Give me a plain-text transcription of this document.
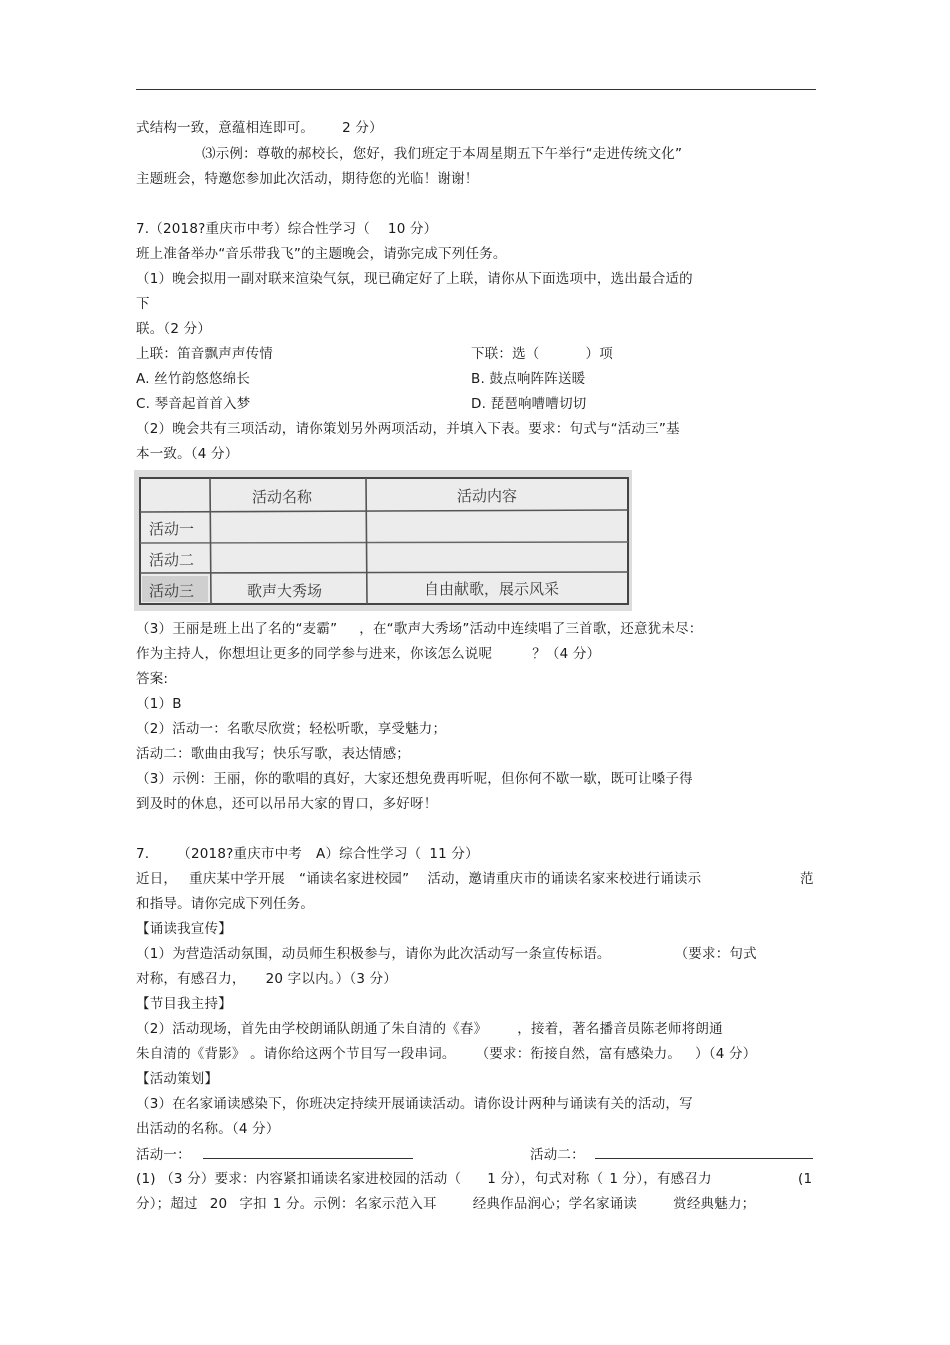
式结构一致，意蕴相连即可。 2 分）
⑶示例：尊敬的郝校长，您好，我们班定于本周星期五下午举行“走进传统文化”
主题班会，特邀您参加此次活动，期待您的光临！谢谢！
7.（2018?重庆市中考）综合性学习（ 10 分）
班上准备举办“音乐带我飞”的主题晚会，请弥完成下列任务。
（1）晚会拟用一副对联来渲染气氛，现已确定好了上联，请你从下面选项中，选出最合适的
下
联。（2 分）
上联：笛音飘声声传情	下联：选（	）项
A. 丝竹韵悠悠绵长	B. 鼓点响阵阵送暖
C. 琴音起首首入梦	D. 琵琶响嘈嘈切切
（2）晚会共有三项活动，请你策划另外两项活动，并填入下表。要求：句式与“活动三”基
本一致。（4 分）
活动名称	活动内容
活动一
活动二
活动三	歌声大秀场	自由献歌，展示风采
（3）王丽是班上出了名的“麦霸” ，在“歌声大秀场”活动中连续唱了三首歌，还意犹未尽：
作为主持人，你想坦让更多的同学参与进来，你该怎么说呢	？（4 分）
答案:
（1）B
（2）活动一：名歌尽欣赏；轻松听歌，享受魅力；
活动二：歌曲由我写；快乐写歌，表达情感；
（3）示例：王丽，你的歌唱的真好，大家还想免费再听呢，但你何不歇一歇，既可让嗓子得
到及时的休息，还可以吊吊大家的胃口，多好呀！
7. （2018?重庆市中考 A）综合性学习（ 11 分）
近日， 重庆某中学开展 “诵读名家进校园” 活动，邀请重庆市的诵读名家来校进行诵读示	范
和指导。请你完成下列任务。
【诵读我宣传】
（1）为营造活动氛围，动员师生积极参与，请你为此次活动写一条宣传标语。	（要求：句式
对称，有感召力， 20 字以内。）（3 分）
【节目我主持】
（2）活动现场，首先由学校朗诵队朗通了朱自清的《春》 ，接着，著名播音员陈老师将朗通
朱自清的《背影》 。请你给这两个节目写一段串词。 （要求：衔接自然，富有感染力。 ）（4 分）
【活动策划】
（3）在名家诵读感染下，你班决定持续开展诵读活动。请你设计两种与诵读有关的活动，写
出活动的名称。（4 分）
活动一：	活动二：
(1) （3 分）要求：内容紧扣诵读名家进校园的活动（ 1 分），句式对称（ 1 分），有感召力	(1
分）；超过 20 字扣 1 分。示例：名家示范入耳	经典作品润心；学名家诵读	赏经典魅力；
